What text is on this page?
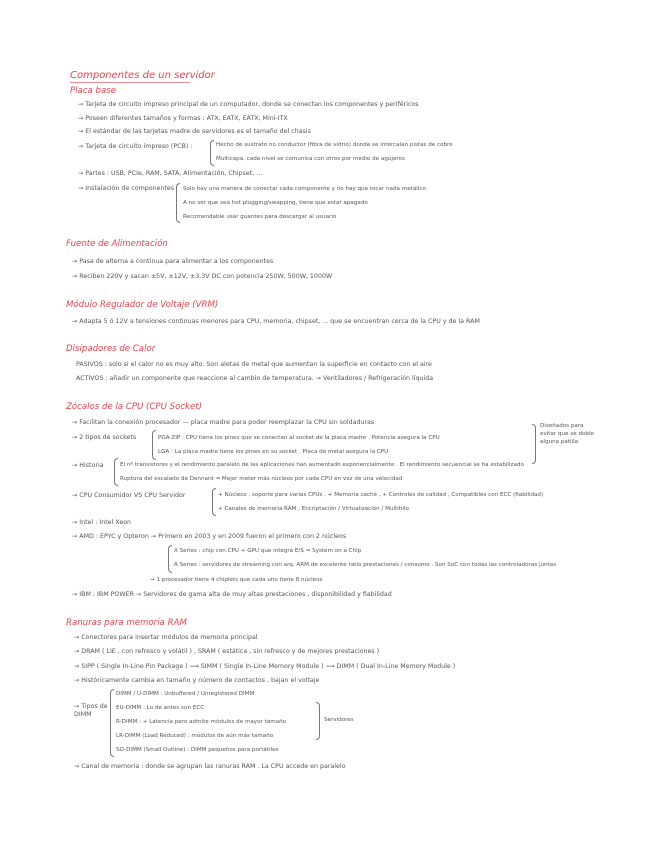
Componentes de un servidor
Placa base
→ Tarjeta de circuito impreso principal de un computador, donde se conectan los componentes y periféricos
→ Poseen diferentes tamaños y formas : ATX, EATX, EATX, Mini-ITX
→ El estándar de las tarjetas madre de servidores es el tamaño del chasis
→ Tarjeta de circuito impreso (PCB) :	Hecho de sustrato no conductor (fibra de vidrio) donde se intercalan pistas de cobre
Multicapa, cada nivel se comunica con otros por medio de agujeros
→ Partes : USB, PCIe, RAM, SATA, Alimentación, Chipset, ...
→ Instalación de componentes Solo hay una manera de conectar cada componente y no hay que tocar nada metálico
A no ser que sea hot plugging/swapping, tiene que estar apagado
Recomendable usar guantes para descargar al usuario
Fuente de Alimentación
→ Pasa de alterna a continua para alimentar a los componentes
→ Reciben 220V y sacan ±5V, ±12V, ±3.3V DC con potencia 250W, 500W, 1000W
Módulo Regulador de Voltaje (VRM)
→ Adapta 5 ó 12V a tensiones continuas menores para CPU, memoria, chipset, ... que se encuentran cerca de la CPU y de la RAM
Disipadores de Calor
PASIVOS : solo si el calor no es muy alto. Son aletas de metal que aumentan la superficie en contacto con el aire
ACTIVOS : añadir un componente que reaccione al cambio de temperatura. → Ventiladores / Refrigeración líquida
Zócalos de la CPU (CPU Socket)
→ Facilitan la conexión procesador — placa madre para poder reemplazar la CPU sin soldaduras
→ 2 tipos de sockets	PGA-ZIP : CPU tiene los pines que se conectan al socket de la placa madre . Potencia asegura la CPU
LGA : La placa madre tiene los pines en su socket . Placa de metal asegura la CPU
Diseñados para evitar que se doble alguna patilla
→ Historia	El nº transistores y el rendimiento paralelo de las aplicaciones han aumentado exponencialmente . El rendimiento secuencial se ha estabilizado
Ruptura del escalado de Dennard ⇒ Mejor meter más núcleos por cada CPU en vez de una velocidad
→ CPU Consumidor VS CPU Servidor	+ Núcleos , soporte para varias CPUs , + Memoria caché , + Controles de calidad , Compatibles con ECC (fiabilidad)
+ Canales de memoria RAM , Encriptación / Virtualización / Multihilo
→ Intel : Intel Xeon
→ AMD : EPYC y Opteron → Primero en 2003 y en 2009 fueron el primero con 2 núcleos
X Series : chip con CPU + GPU que integra E/S ⇒ System on a Chip
A Series : servidores de streaming con arq. ARM de excelente ratio prestaciones / consumo . Son SoC con todas las controladoras juntas
→ 1 procesador tiene 4 chiplets que cada uno tiene 8 núcleos
→ IBM : IBM POWER → Servidores de gama alta de muy altas prestaciones , disponibilidad y fiabilidad
Ranuras para memoria RAM
→ Conectores para insertar módulos de memoria principal
→ DRAM ( LIE , con refresco y volátil ) , SRAM ( estática , sin refresco y de mejores prestaciones )
→ SIPP ( Single In-Line Pin Package ) ⟿ SIMM ( Single In-Line Memory Module ) ⟿ DIMM ( Dual In-Line Memory Module )
→ Históricamente cambia en tamaño y número de contactos , bajan el voltaje
→ Tipos de DIMM
DIMM / U-DIMM : Unbuffered / Unregistered DIMM
EU-DIMM : Lo de antes con ECC
R-DIMM : + Latencia pero admite módulos de mayor tamaño
LR-DIMM (Load Reduced) : módulos de aún más tamaño
SO-DIMM (Small Outline) : DIMM pequeños para portátiles
Servidores
→ Canal de memoria : donde se agrupan las ranuras RAM . La CPU accede en paralelo
